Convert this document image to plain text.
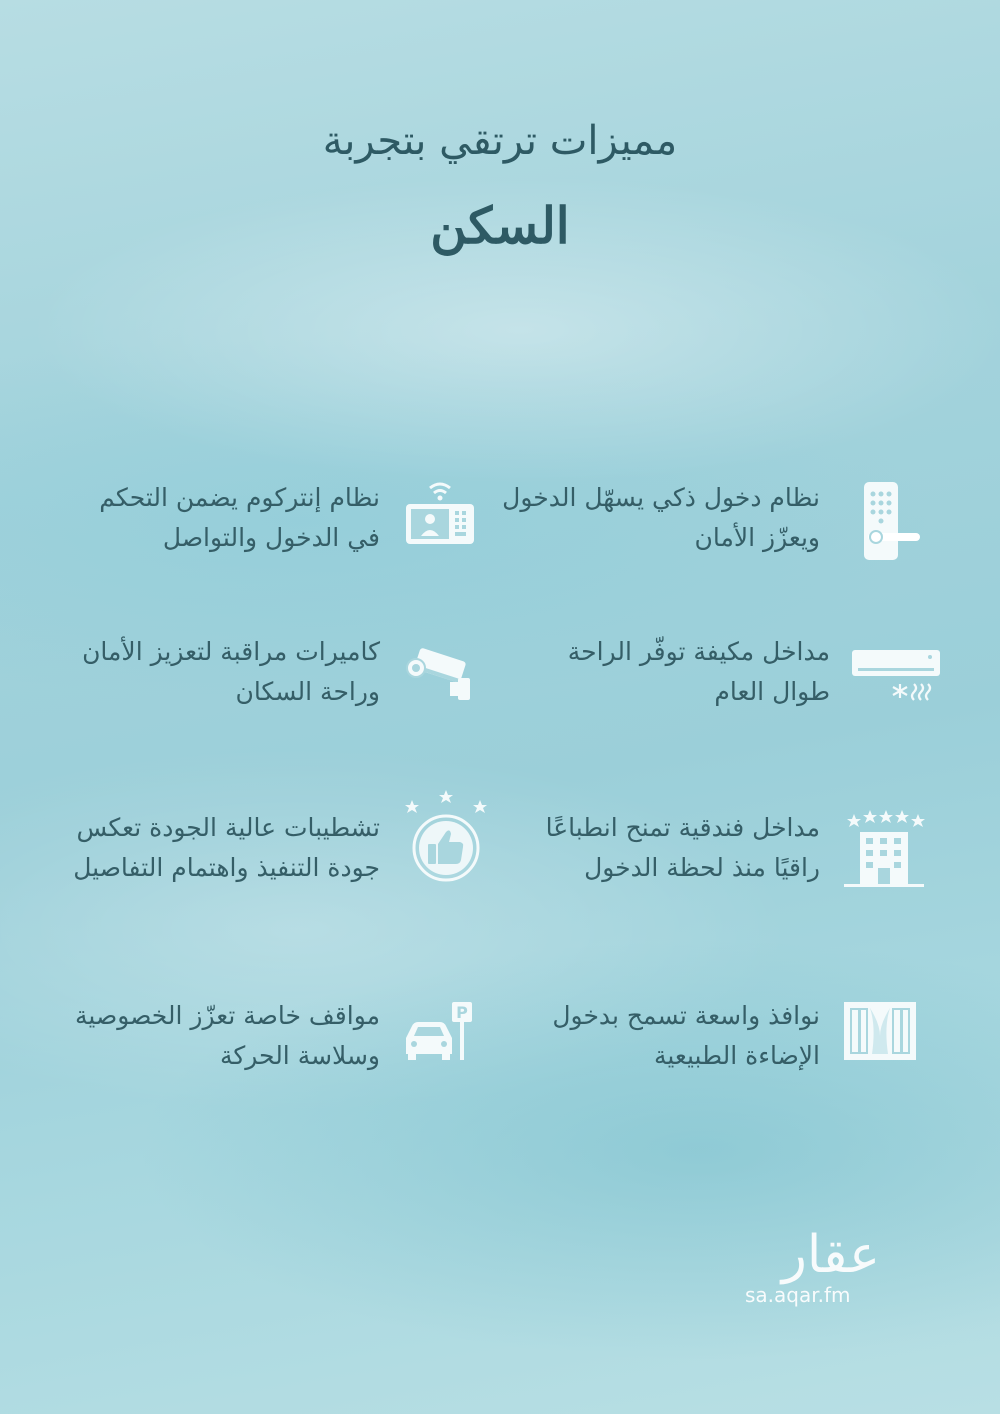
مميزات ترتقي بتجربة
السكن
نظام دخول ذكي يسهّل الدخول
ويعزّز الأمان
نظام إنتركوم يضمن التحكم
في الدخول والتواصل
مداخل مكيفة توفّر الراحة
طوال العام
كاميرات مراقبة لتعزيز الأمان
وراحة السكان
مداخل فندقية تمنح انطباعًا
راقيًا منذ لحظة الدخول
تشطيبات عالية الجودة تعكس
جودة التنفيذ واهتمام التفاصيل
نوافذ واسعة تسمح بدخول
الإضاءة الطبيعية
P
مواقف خاصة تعزّز الخصوصية
وسلاسة الحركة
عقار
sa.aqar.fm
